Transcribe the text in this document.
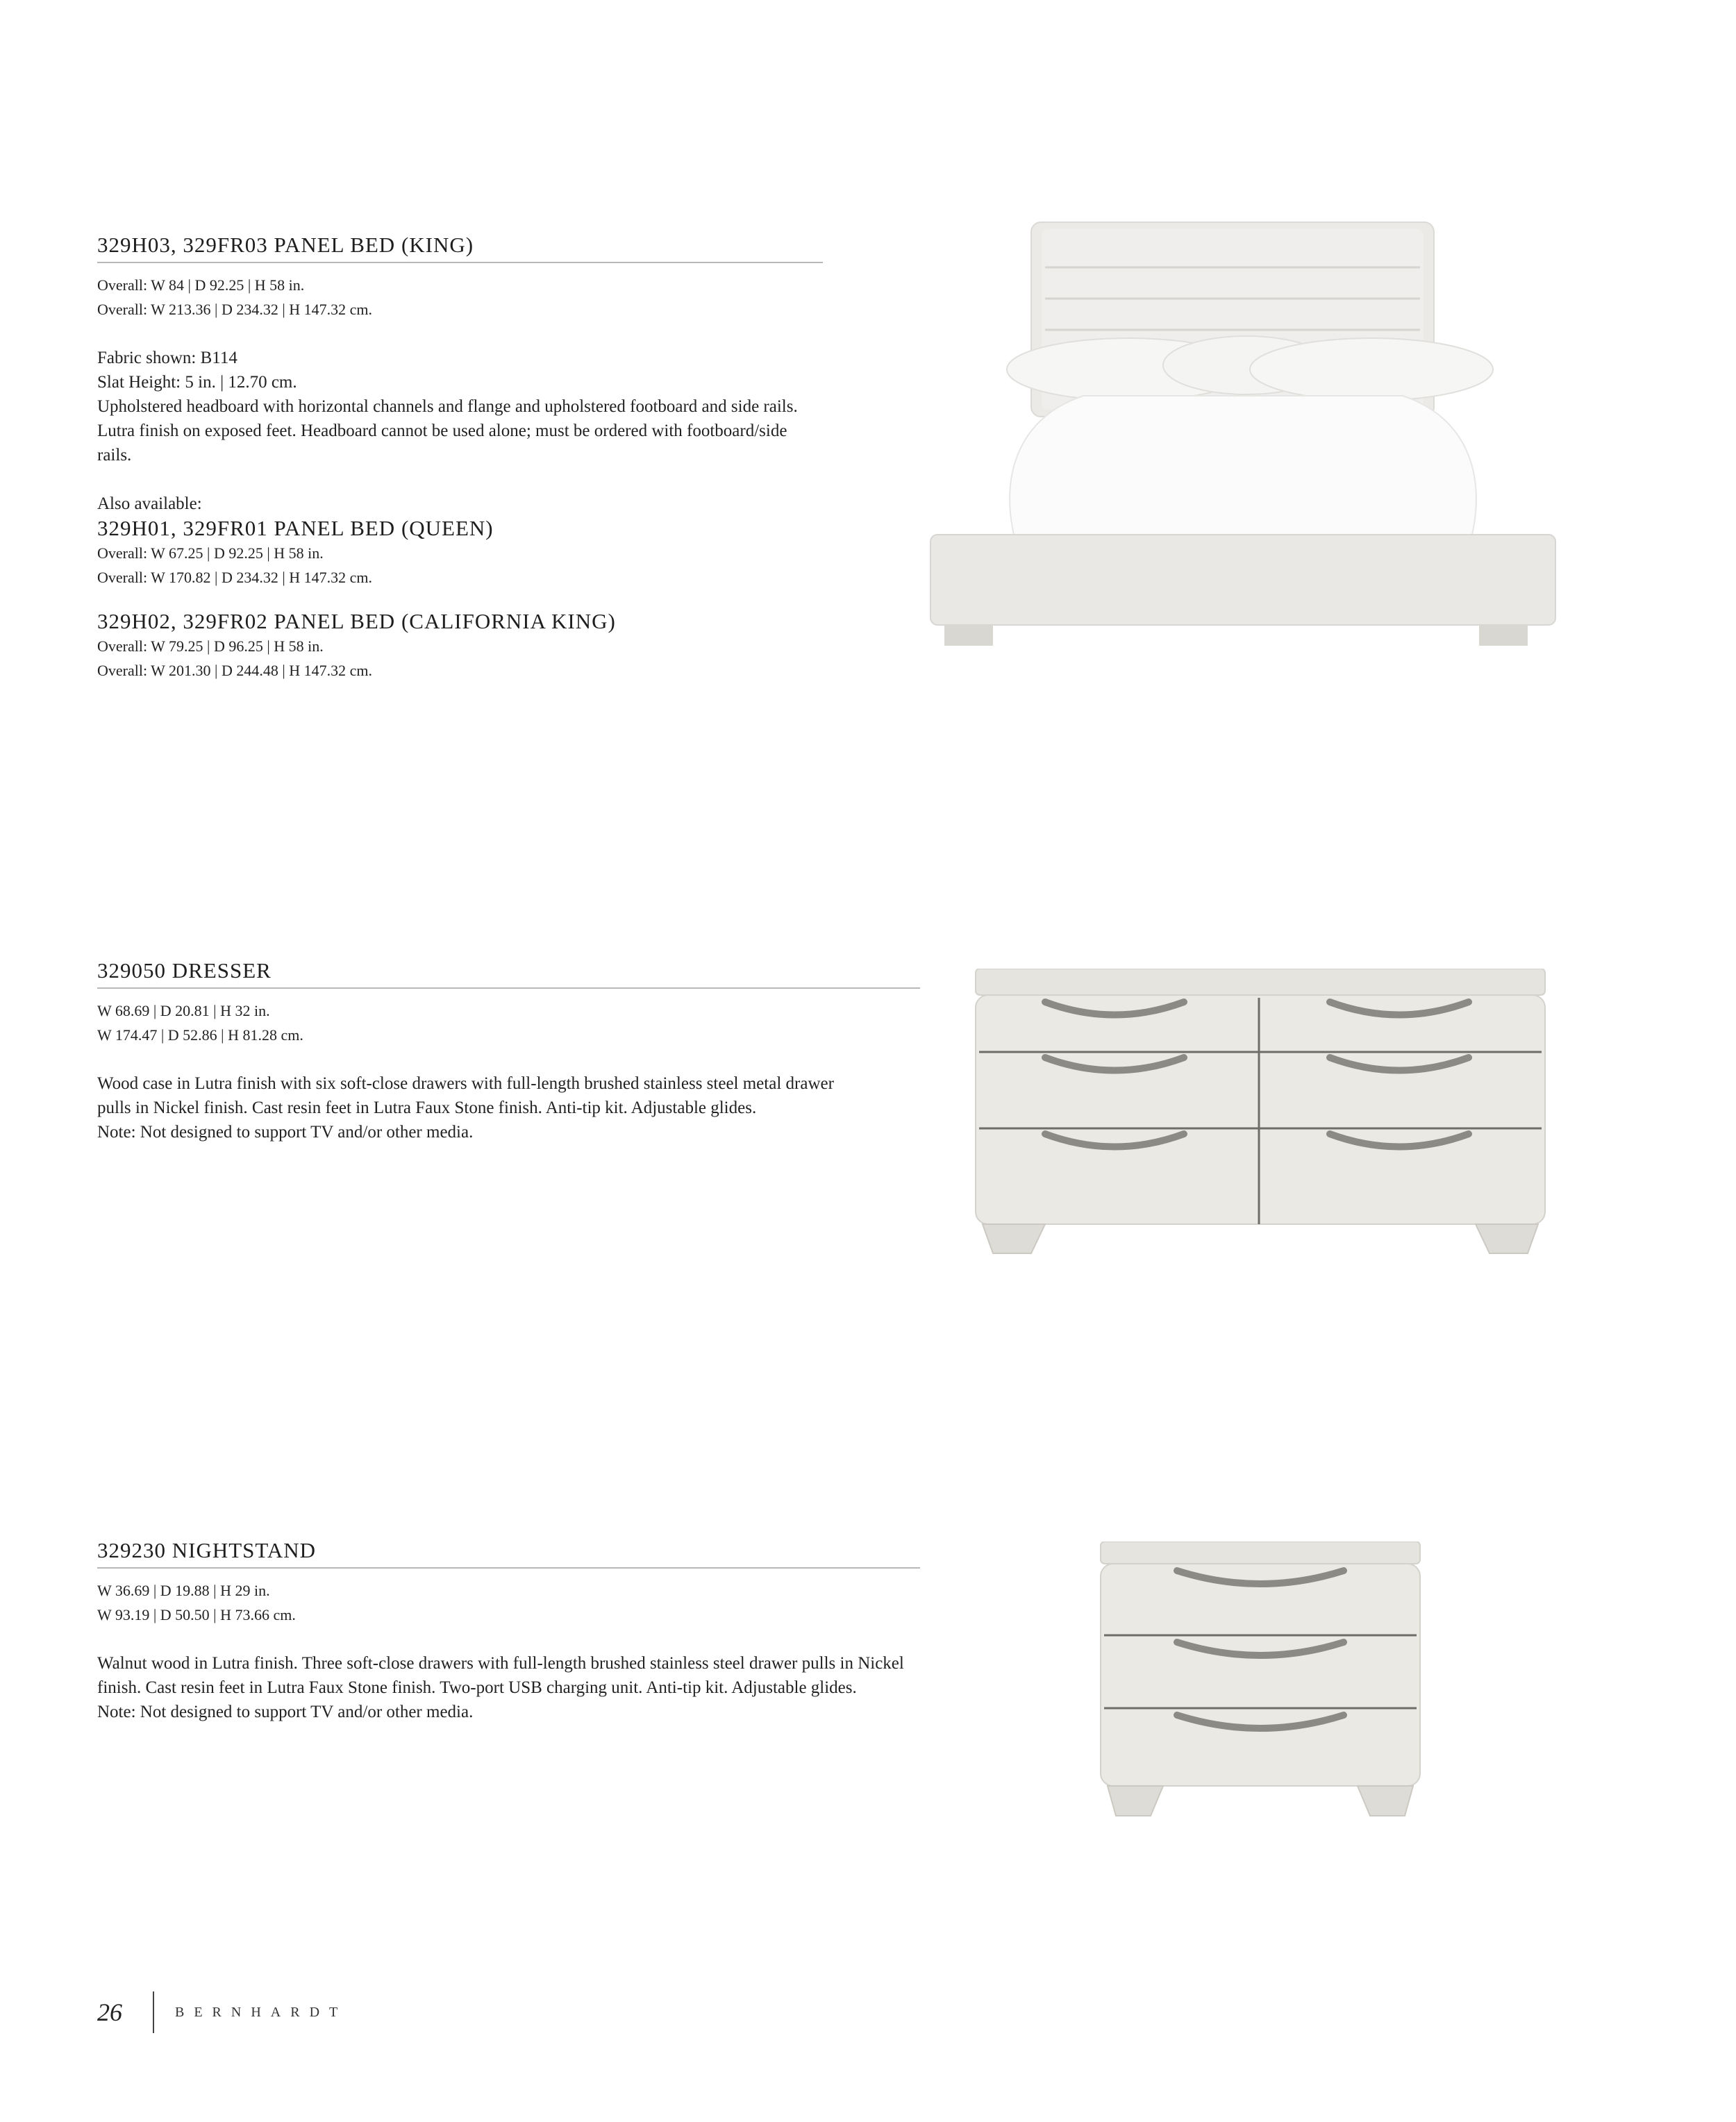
329H03, 329FR03 PANEL BED (KING)
Overall: W 84 | D 92.25 | H 58 in.
Overall: W 213.36 | D 234.32 | H 147.32 cm.
Fabric shown: B114
Slat Height: 5 in. | 12.70 cm.
Upholstered headboard with horizontal channels and flange and upholstered footboard and side rails. Lutra finish on exposed feet. Headboard cannot be used alone; must be ordered with footboard/side rails.
Also available:
329H01, 329FR01 PANEL BED (QUEEN)
Overall: W 67.25 | D 92.25 | H 58 in.
Overall: W 170.82 | D 234.32 | H 147.32 cm.
329H02, 329FR02 PANEL BED (CALIFORNIA KING)
Overall: W 79.25 | D 96.25 | H 58 in.
Overall: W 201.30 | D 244.48 | H 147.32 cm.
329050 DRESSER
W 68.69 | D 20.81 | H 32 in.
W 174.47 | D 52.86 | H 81.28 cm.
Wood case in Lutra finish with six soft-close drawers with full-length brushed stainless steel metal drawer pulls in Nickel finish. Cast resin feet in Lutra Faux Stone finish. Anti-tip kit. Adjustable glides.
Note: Not designed to support TV and/or other media.
329230 NIGHTSTAND
W 36.69 | D 19.88 | H 29 in.
W 93.19 | D 50.50 | H 73.66 cm.
Walnut wood in Lutra finish. Three soft-close drawers with full-length brushed stainless steel drawer pulls in Nickel finish. Cast resin feet in Lutra Faux Stone finish. Two-port USB charging unit. Anti-tip kit. Adjustable glides.
Note: Not designed to support TV and/or other media.
26	BERNHARDT
